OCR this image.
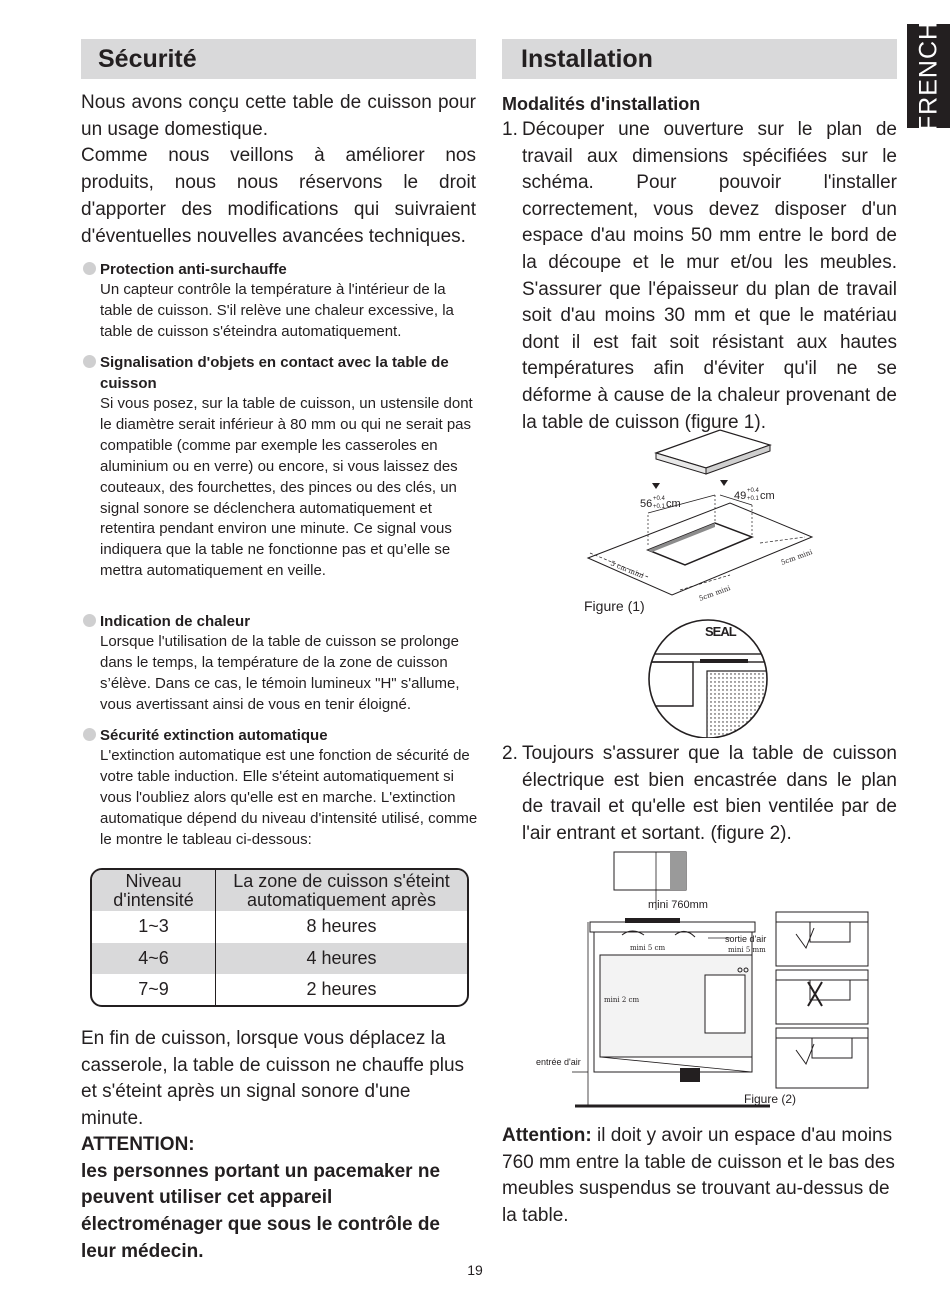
FRENCH
Sécurité
Nous avons conçu cette table de cuisson pour un usage domestique.
Comme nous veillons à améliorer nos produits, nous nous réservons le droit d'apporter des modifications qui suivraient d'éventuelles nouvelles avancées techniques.
Protection anti-surchauffe
Un capteur contrôle la température à l'intérieur de la table de cuisson. S'il relève une chaleur excessive, la table de cuisson s'éteindra automatiquement.
Signalisation d'objets en contact avec la table de cuisson
Si vous posez, sur la table de cuisson, un ustensile dont le diamètre serait inférieur à 80 mm ou qui ne serait pas compatible (comme par exemple les casseroles en aluminium ou en verre) ou encore, si vous laissez des couteaux, des fourchettes, des pinces ou des clés, un signal sonore se déclenchera automatiquement et retentira pendant environ une minute. Ce signal vous indiquera que la table ne fonctionne pas et qu’elle se mettra automatiquement en veille.
Indication de chaleur
Lorsque l'utilisation de la table de cuisson se prolonge dans le temps, la température de la zone de cuisson s’élève. Dans ce cas, le témoin lumineux "H" s'allume, vous avertissant ainsi de vous en tenir éloigné.
Sécurité extinction automatique
L'extinction automatique est une fonction de sécurité de votre table induction. Elle s'éteint automatiquement si vous l'oubliez alors qu'elle est en marche. L'extinction automatique dépend du niveau d'intensité utilisé, comme le montre le tableau ci-dessous:
Niveau d'intensité	La zone de cuisson s'éteint automatiquement après
1~3	8 heures
4~6	4 heures
7~9	2 heures
En fin de cuisson, lorsque vous déplacez la casserole, la table de cuisson ne chauffe plus et s'éteint après un signal sonore d'une minute.
ATTENTION:
les personnes portant un pacemaker ne peuvent utiliser cet appareil électroménager que sous le contrôle de leur médecin.
Installation
Modalités d'installation
1. Découper une ouverture sur le plan de travail aux dimensions spécifiées sur le schéma. Pour pouvoir l'installer correctement, vous devez disposer d'un espace d'au moins 50 mm entre le bord de la découpe et le mur et/ou les meubles. S'assurer que l'épaisseur du plan de travail soit d'au moins 30 mm et que le matériau dont il est fait soit résistant aux hautes températures afin d'éviter qu'il ne se déforme à cause de la chaleur provenant de la table de cuisson (figure 1).
56 +0.4
+0.1 cm
49 +0.4
+0.1 cm
5 cm mini
5cm mini
5cm mini
Figure (1)
SEAL
2. Toujours s'assurer que la table de cuisson électrique est bien encastrée dans le plan de travail et qu'elle est bien ventilée par de l'air entrant et sortant. (figure 2).
mini 760mm
mini 5 cm
sortie d'air
mini 5 mm
mini 2 cm
entrée d'air
Figure (2)
Attention: il doit y avoir un espace d'au moins 760 mm entre la table de cuisson et le bas des meubles suspendus se trouvant au-dessus de la table.
19
